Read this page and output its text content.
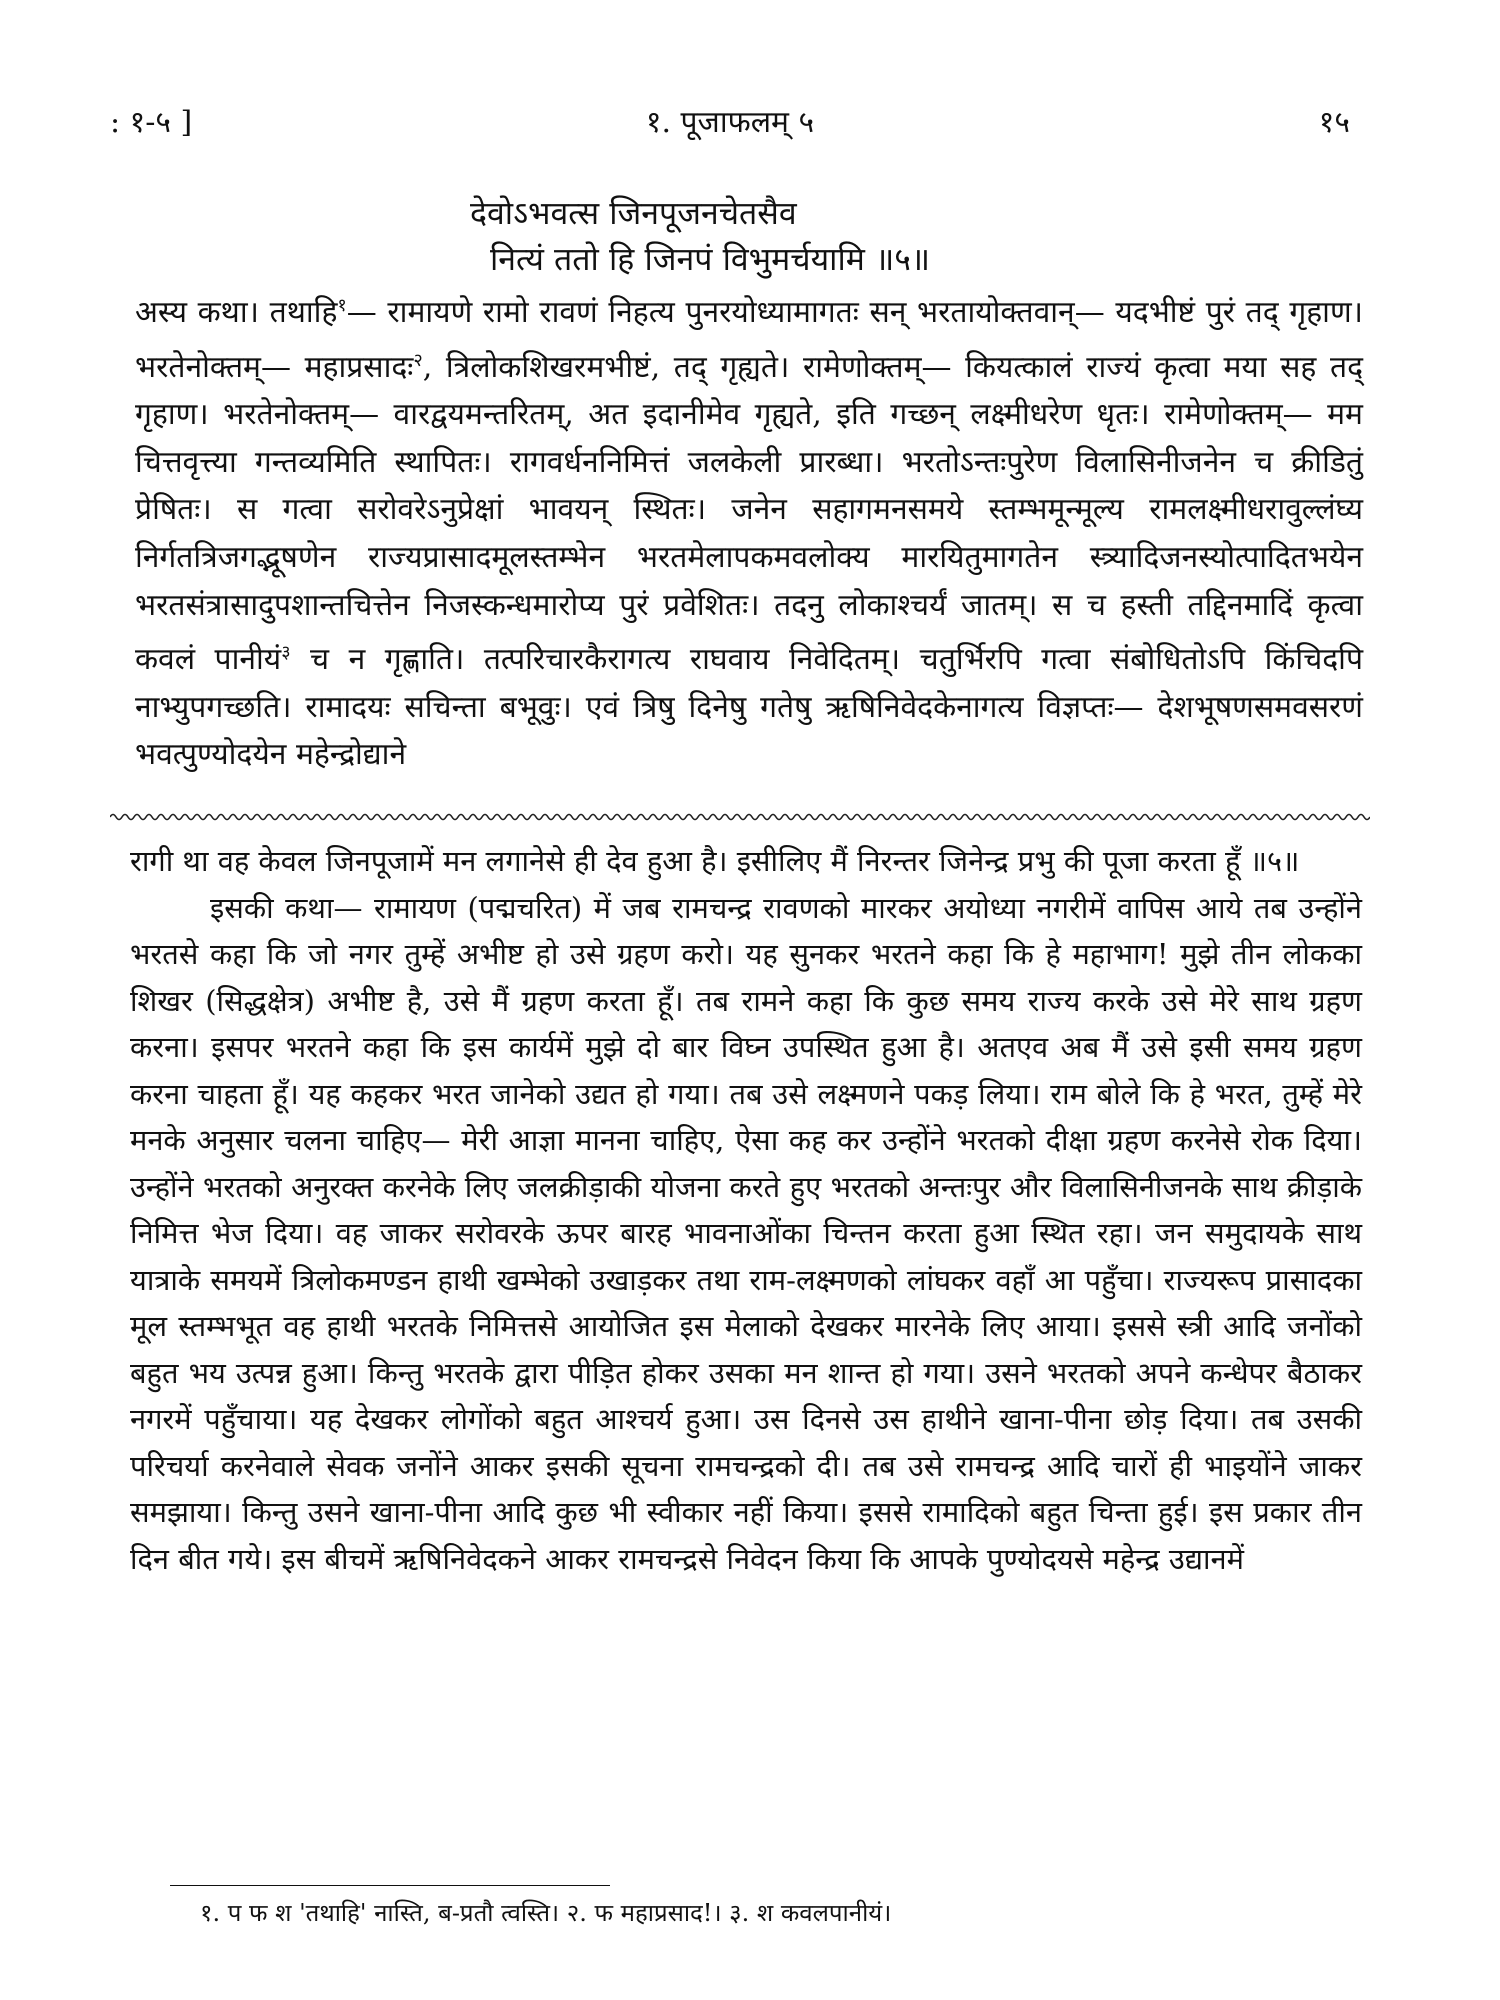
१. पूजाफलम् ५
: १-५ ]	१५
देवोऽभवत्स जिनपूजनचेतसैव
नित्यं ततो हि जिनपं विभुमर्चयामि ॥५॥

अस्य कथा। तथाहि$^१$— रामायणे रामो रावणं निहत्य पुनरयोध्यामागतः सन् भरतायोक्तवान्— यदभीष्टं पुरं तद् गृहाण। भरतेनोक्तम्— महाप्रसादः$^२$, त्रिलोकशिखरमभीष्टं, तद् गृह्यते। रामेणोक्तम्— कियत्कालं राज्यं कृत्वा मया सह तद् गृहाण। भरतेनोक्तम्— वारद्वयमन्तरितम्, अत इदानीमेव गृह्यते, इति गच्छन् लक्ष्मीधरेण धृतः। रामेणोक्तम्— मम चित्तवृत्त्या गन्तव्यमिति स्थापितः। रागवर्धननिमित्तं जलकेली प्रारब्धा। भरतोऽन्तःपुरेण विलासिनीजनेन च क्रीडितुं प्रेषितः। स गत्वा सरोवरेऽनुप्रेक्षां भावयन् स्थितः। जनेन सहागमनसमये स्तम्भमून्मूल्य रामलक्ष्मीधरावुल्लंघ्य निर्गतत्रिजगद्भूषणेन राज्यप्रासादमूलस्तम्भेन भरतमेलापकमवलोक्य मारयितुमागतेन स्त्र्यादिजनस्योत्पादितभयेन भरतसंत्रासादुपशान्तचित्तेन निजस्कन्धमारोप्य पुरं प्रवेशितः। तदनु लोकाश्चर्यं जातम्। स च हस्ती तद्दिनमादिं कृत्वा कवलं पानीयं$^३$ च न गृह्णाति। तत्परिचारकैरागत्य राघवाय निवेदितम्। चतुर्भिरपि गत्वा संबोधितोऽपि किंचिदपि नाभ्युपगच्छति। रामादयः सचिन्ता बभूवुः। एवं त्रिषु दिनेषु गतेषु ऋषिनिवेदकेनागत्य विज्ञप्तः— देशभूषणसमवसरणं भवत्पुण्योदयेन महेन्द्रोद्याने

रागी था वह केवल जिनपूजामें मन लगानेसे ही देव हुआ है। इसीलिए मैं निरन्तर जिनेन्द्र प्रभु की पूजा करता हूँ ॥५॥

इसकी कथा— रामायण (पद्मचरित) में जब रामचन्द्र रावणको मारकर अयोध्या नगरीमें वापिस आये तब उन्होंने भरतसे कहा कि जो नगर तुम्हें अभीष्ट हो उसे ग्रहण करो। यह सुनकर भरतने कहा कि हे महाभाग! मुझे तीन लोकका शिखर (सिद्धक्षेत्र) अभीष्ट है, उसे मैं ग्रहण करता हूँ। तब रामने कहा कि कुछ समय राज्य करके उसे मेरे साथ ग्रहण करना। इसपर भरतने कहा कि इस कार्यमें मुझे दो बार विघ्न उपस्थित हुआ है। अतएव अब मैं उसे इसी समय ग्रहण करना चाहता हूँ। यह कहकर भरत जानेको उद्यत हो गया। तब उसे लक्ष्मणने पकड़ लिया। राम बोले कि हे भरत, तुम्हें मेरे मनके अनुसार चलना चाहिए— मेरी आज्ञा मानना चाहिए, ऐसा कह कर उन्होंने भरतको दीक्षा ग्रहण करनेसे रोक दिया। उन्होंने भरतको अनुरक्त करनेके लिए जलक्रीड़ाकी योजना करते हुए भरतको अन्तःपुर और विलासिनीजनके साथ क्रीड़ाके निमित्त भेज दिया। वह जाकर सरोवरके ऊपर बारह भावनाओंका चिन्तन करता हुआ स्थित रहा। जन समुदायके साथ यात्राके समयमें त्रिलोकमण्डन हाथी खम्भेको उखाड़कर तथा राम-लक्ष्मणको लांघकर वहाँ आ पहुँचा। राज्यरूप प्रासादका मूल स्तम्भभूत वह हाथी भरतके निमित्तसे आयोजित इस मेलाको देखकर मारनेके लिए आया। इससे स्त्री आदि जनोंको बहुत भय उत्पन्न हुआ। किन्तु भरतके द्वारा पीड़ित होकर उसका मन शान्त हो गया। उसने भरतको अपने कन्धेपर बैठाकर नगरमें पहुँचाया। यह देखकर लोगोंको बहुत आश्चर्य हुआ। उस दिनसे उस हाथीने खाना-पीना छोड़ दिया। तब उसकी परिचर्या करनेवाले सेवक जनोंने आकर इसकी सूचना रामचन्द्रको दी। तब उसे रामचन्द्र आदि चारों ही भाइयोंने जाकर समझाया। किन्तु उसने खाना-पीना आदि कुछ भी स्वीकार नहीं किया। इससे रामादिको बहुत चिन्ता हुई। इस प्रकार तीन दिन बीत गये। इस बीचमें ऋषिनिवेदकने आकर रामचन्द्रसे निवेदन किया कि आपके पुण्योदयसे महेन्द्र उद्यानमें

१. प फ श 'तथाहि' नास्ति, ब-प्रतौ त्वस्ति। २. फ महाप्रसाद!। ३. श कवलपानीयं।
